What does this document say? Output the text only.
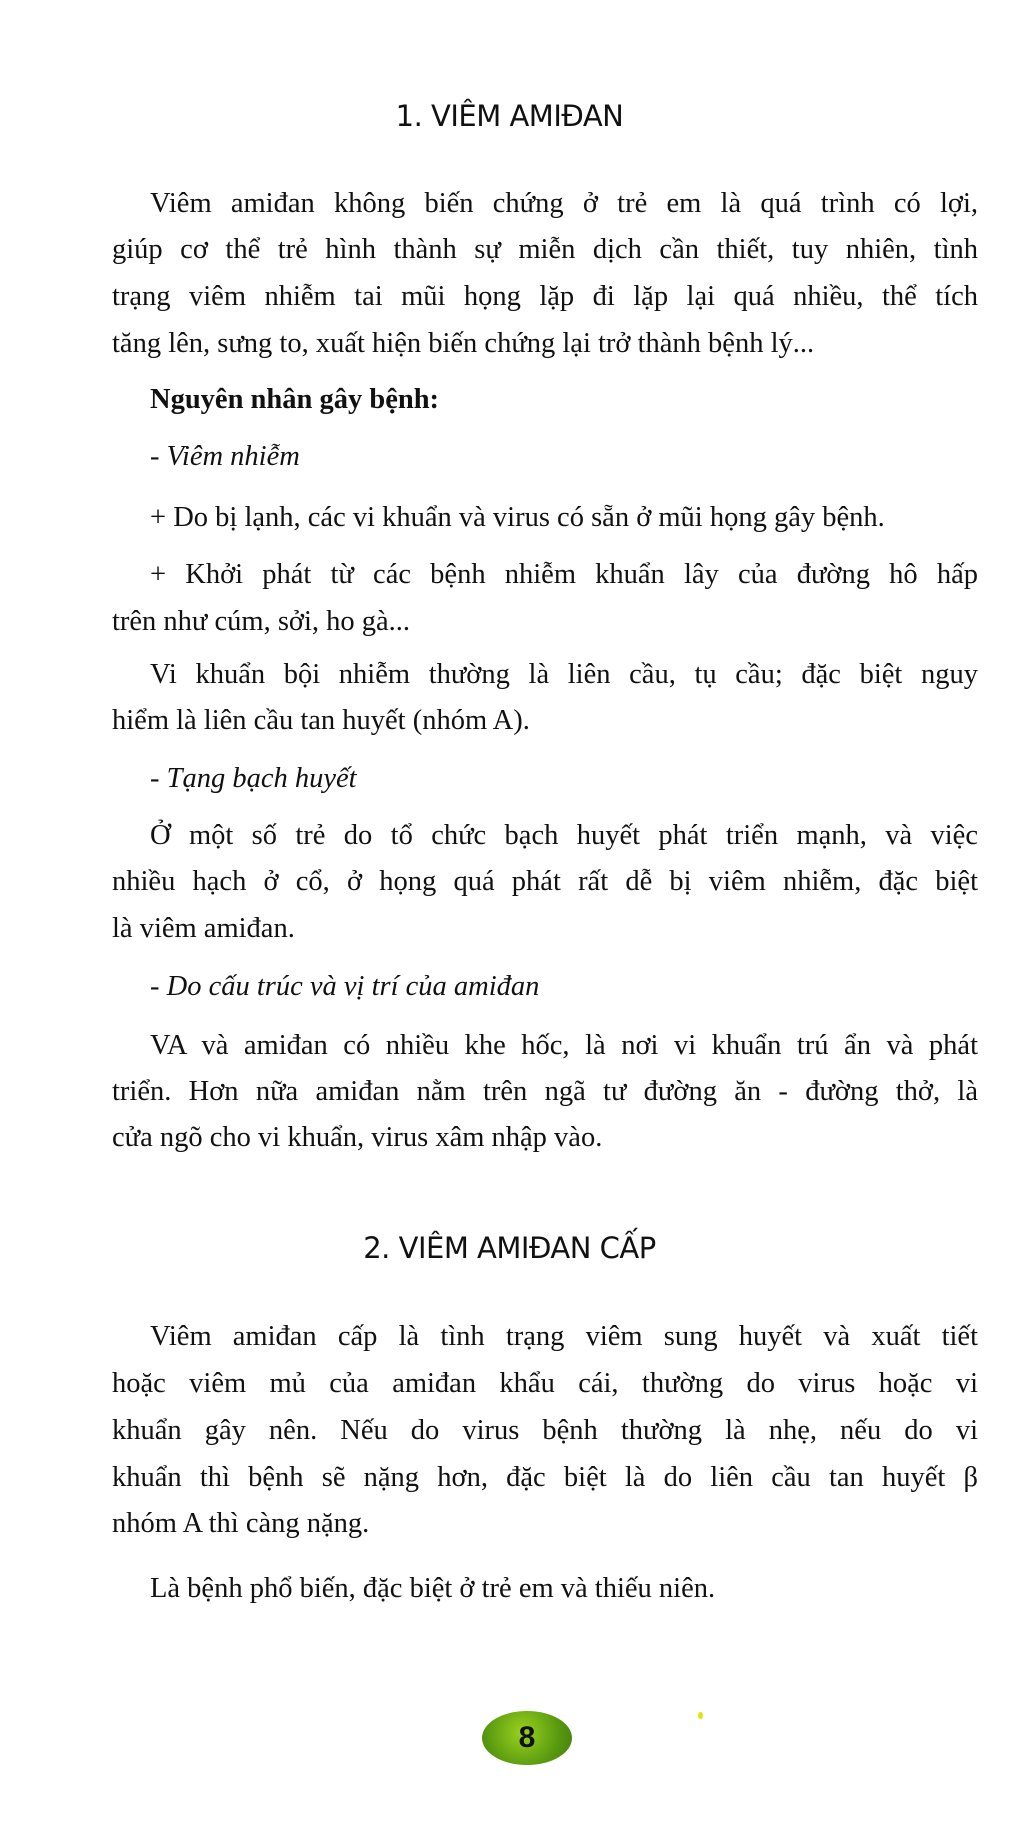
1. VIÊM AMIĐAN
Viêm amiđan không biến chứng ở trẻ em là quá trình có lợi,
giúp cơ thể trẻ hình thành sự miễn dịch cần thiết, tuy nhiên, tình
trạng viêm nhiễm tai mũi họng lặp đi lặp lại quá nhiều, thể tích
tăng lên, sưng to, xuất hiện biến chứng lại trở thành bệnh lý...
Nguyên nhân gây bệnh:
- Viêm nhiễm
+ Do bị lạnh, các vi khuẩn và virus có sẵn ở mũi họng gây bệnh.
+ Khởi phát từ các bệnh nhiễm khuẩn lây của đường hô hấp
trên như cúm, sởi, ho gà...
Vi khuẩn bội nhiễm thường là liên cầu, tụ cầu; đặc biệt nguy
hiểm là liên cầu tan huyết (nhóm A).
- Tạng bạch huyết
Ở một số trẻ do tổ chức bạch huyết phát triển mạnh, và việc
nhiều hạch ở cổ, ở họng quá phát rất dễ bị viêm nhiễm, đặc biệt
là viêm amiđan.
- Do cấu trúc và vị trí của amiđan
VA và amiđan có nhiều khe hốc, là nơi vi khuẩn trú ẩn và phát
triển. Hơn nữa amiđan nằm trên ngã tư đường ăn - đường thở, là
cửa ngõ cho vi khuẩn, virus xâm nhập vào.
2. VIÊM AMIĐAN CẤP
Viêm amiđan cấp là tình trạng viêm sung huyết và xuất tiết
hoặc viêm mủ của amiđan khẩu cái, thường do virus hoặc vi
khuẩn gây nên. Nếu do virus bệnh thường là nhẹ, nếu do vi
khuẩn thì bệnh sẽ nặng hơn, đặc biệt là do liên cầu tan huyết β
nhóm A thì càng nặng.
Là bệnh phổ biến, đặc biệt ở trẻ em và thiếu niên.
8
